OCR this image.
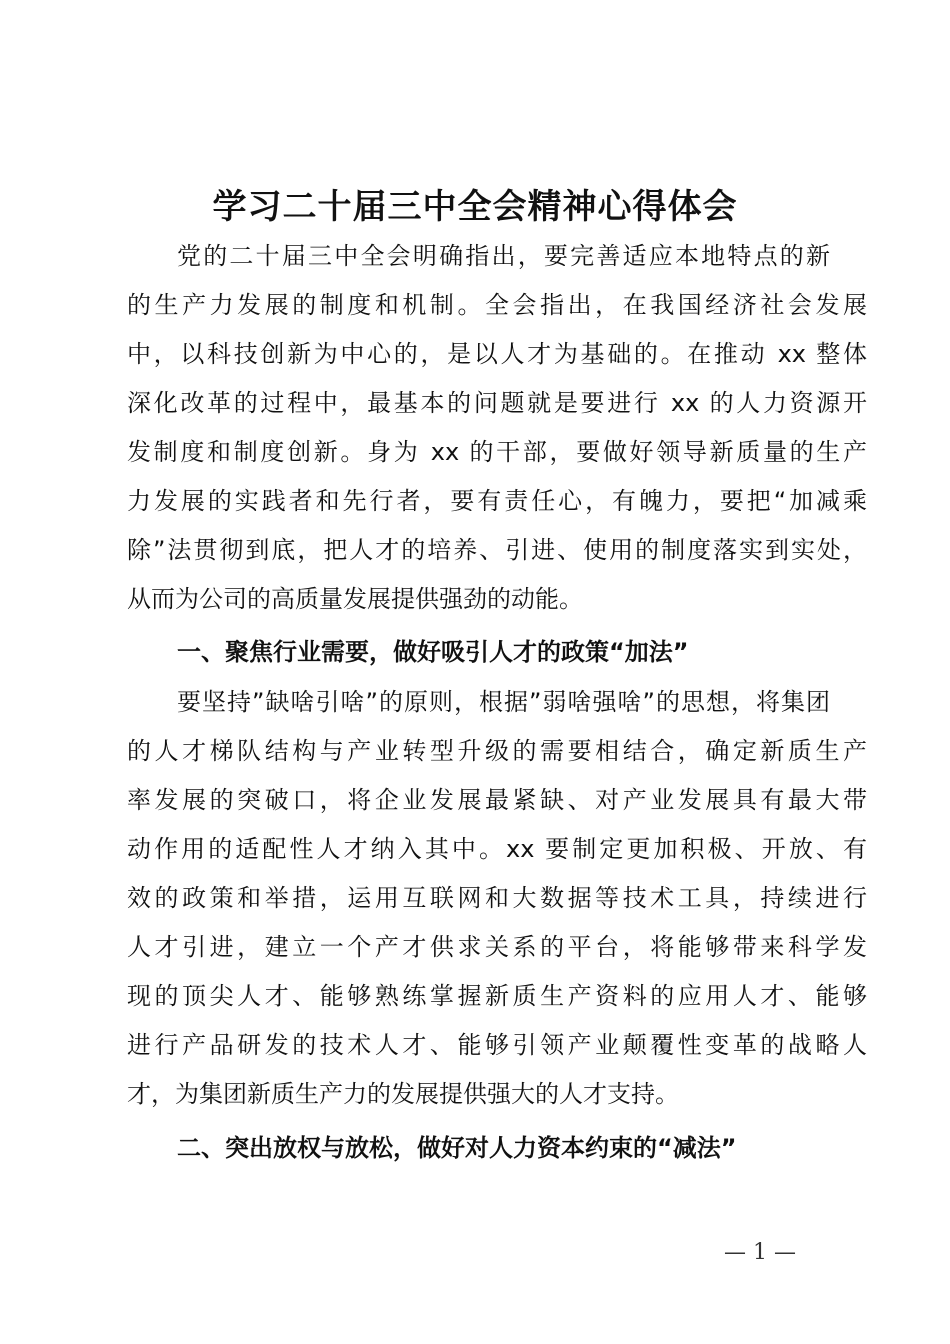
学习二十届三中全会精神心得体会
党的二十届三中全会明确指出，要完善适应本地特点的新
的生产力发展的制度和机制。全会指出，在我国经济社会发展
中，以科技创新为中心的，是以人才为基础的。在推动 xx 整体
深化改革的过程中，最基本的问题就是要进行 xx 的人力资源开
发制度和制度创新。身为 xx 的干部，要做好领导新质量的生产
力发展的实践者和先行者，要有责任心，有魄力，要把“加减乘
除”法贯彻到底，把人才的培养、引进、使用的制度落实到实处，
从而为公司的高质量发展提供强劲的动能。
一、聚焦行业需要，做好吸引人才的政策“加法”
要坚持”缺啥引啥”的原则，根据”弱啥强啥”的思想，将集团
的人才梯队结构与产业转型升级的需要相结合，确定新质生产
率发展的突破口，将企业发展最紧缺、对产业发展具有最大带
动作用的适配性人才纳入其中。xx 要制定更加积极、开放、有
效的政策和举措，运用互联网和大数据等技术工具，持续进行
人才引进，建立一个产才供求关系的平台，将能够带来科学发
现的顶尖人才、能够熟练掌握新质生产资料的应用人才、能够
进行产品研发的技术人才、能够引领产业颠覆性变革的战略人
才，为集团新质生产力的发展提供强大的人才支持。
二、突出放权与放松，做好对人力资本约束的“减法”
— 1 —
